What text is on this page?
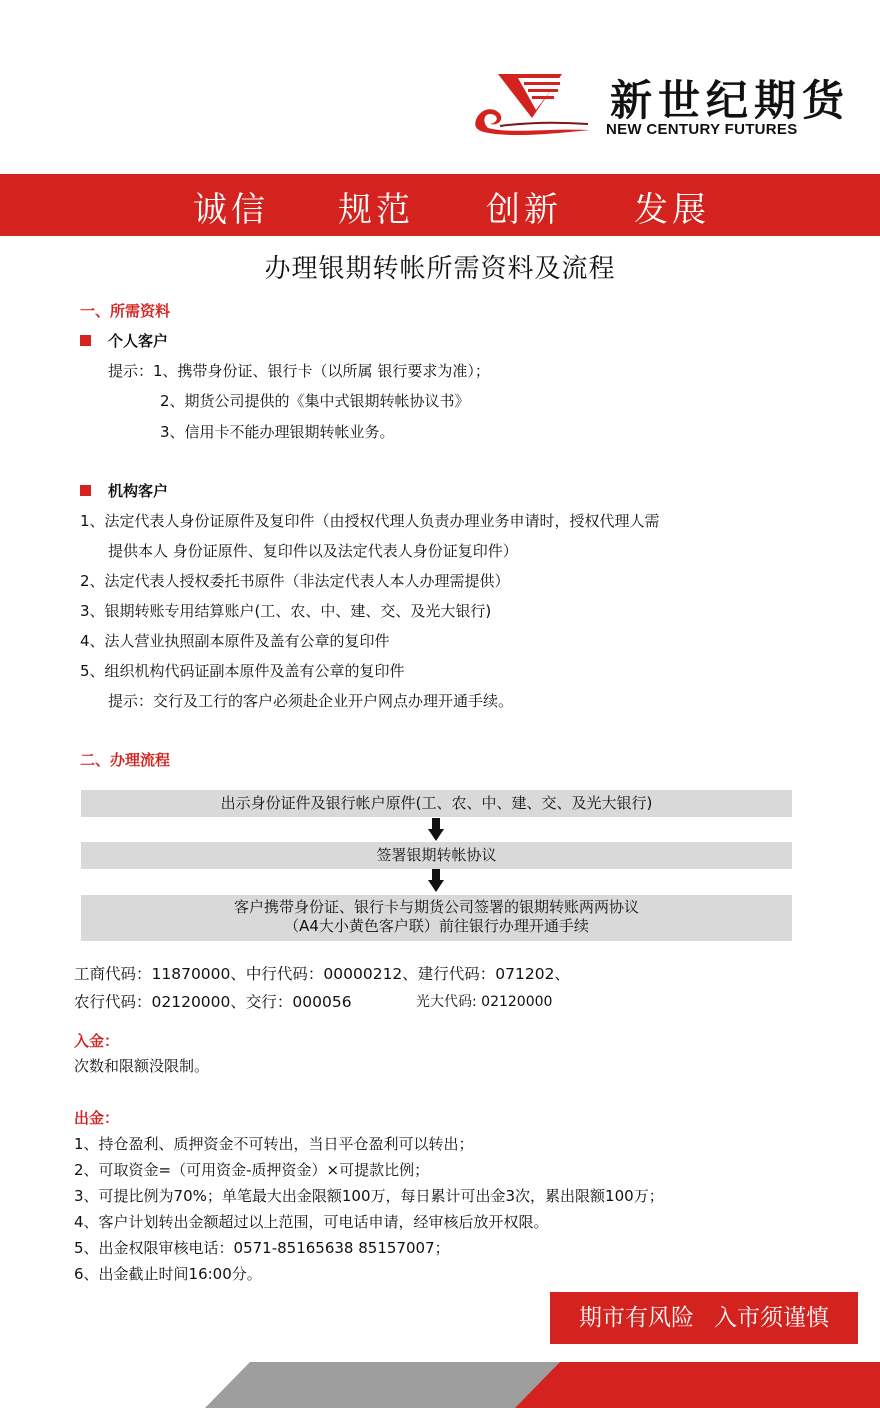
新世纪期货
NEW CENTURY FUTURES
诚信 规范 创新 发展
办理银期转帐所需资料及流程
一、所需资料
个人客户
提示：1、携带身份证、银行卡（以所属 银行要求为准）；
2、期货公司提供的《集中式银期转帐协议书》
3、信用卡不能办理银期转帐业务。
机构客户
1、法定代表人身份证原件及复印件（由授权代理人负责办理业务申请时，授权代理人需
提供本人 身份证原件、复印件以及法定代表人身份证复印件）
2、法定代表人授权委托书原件（非法定代表人本人办理需提供）
3、银期转账专用结算账户(工、农、中、建、交、及光大银行)
4、法人营业执照副本原件及盖有公章的复印件
5、组织机构代码证副本原件及盖有公章的复印件
提示：交行及工行的客户必须赴企业开户网点办理开通手续。
二、办理流程
出示身份证件及银行帐户原件(工、农、中、建、交、及光大银行)
签署银期转帐协议
客户携带身份证、银行卡与期货公司签署的银期转账两两协议
（A4大小黄色客户联）前往银行办理开通手续
工商代码：11870000、中行代码：00000212、建行代码：071202、
农行代码：02120000、交行：000056	光大代码: 02120000
入金：
次数和限额没限制。
出金：
1、持仓盈利、质押资金不可转出，当日平仓盈利可以转出；
2、可取资金=（可用资金-质押资金）×可提款比例；
3、可提比例为70%；单笔最大出金限额100万，每日累计可出金3次，累出限额100万；
4、客户计划转出金额超过以上范围，可电话申请，经审核后放开权限。
5、出金权限审核电话：0571-85165638 85157007；
6、出金截止时间16:00分。
期市有风险 入市须谨慎
